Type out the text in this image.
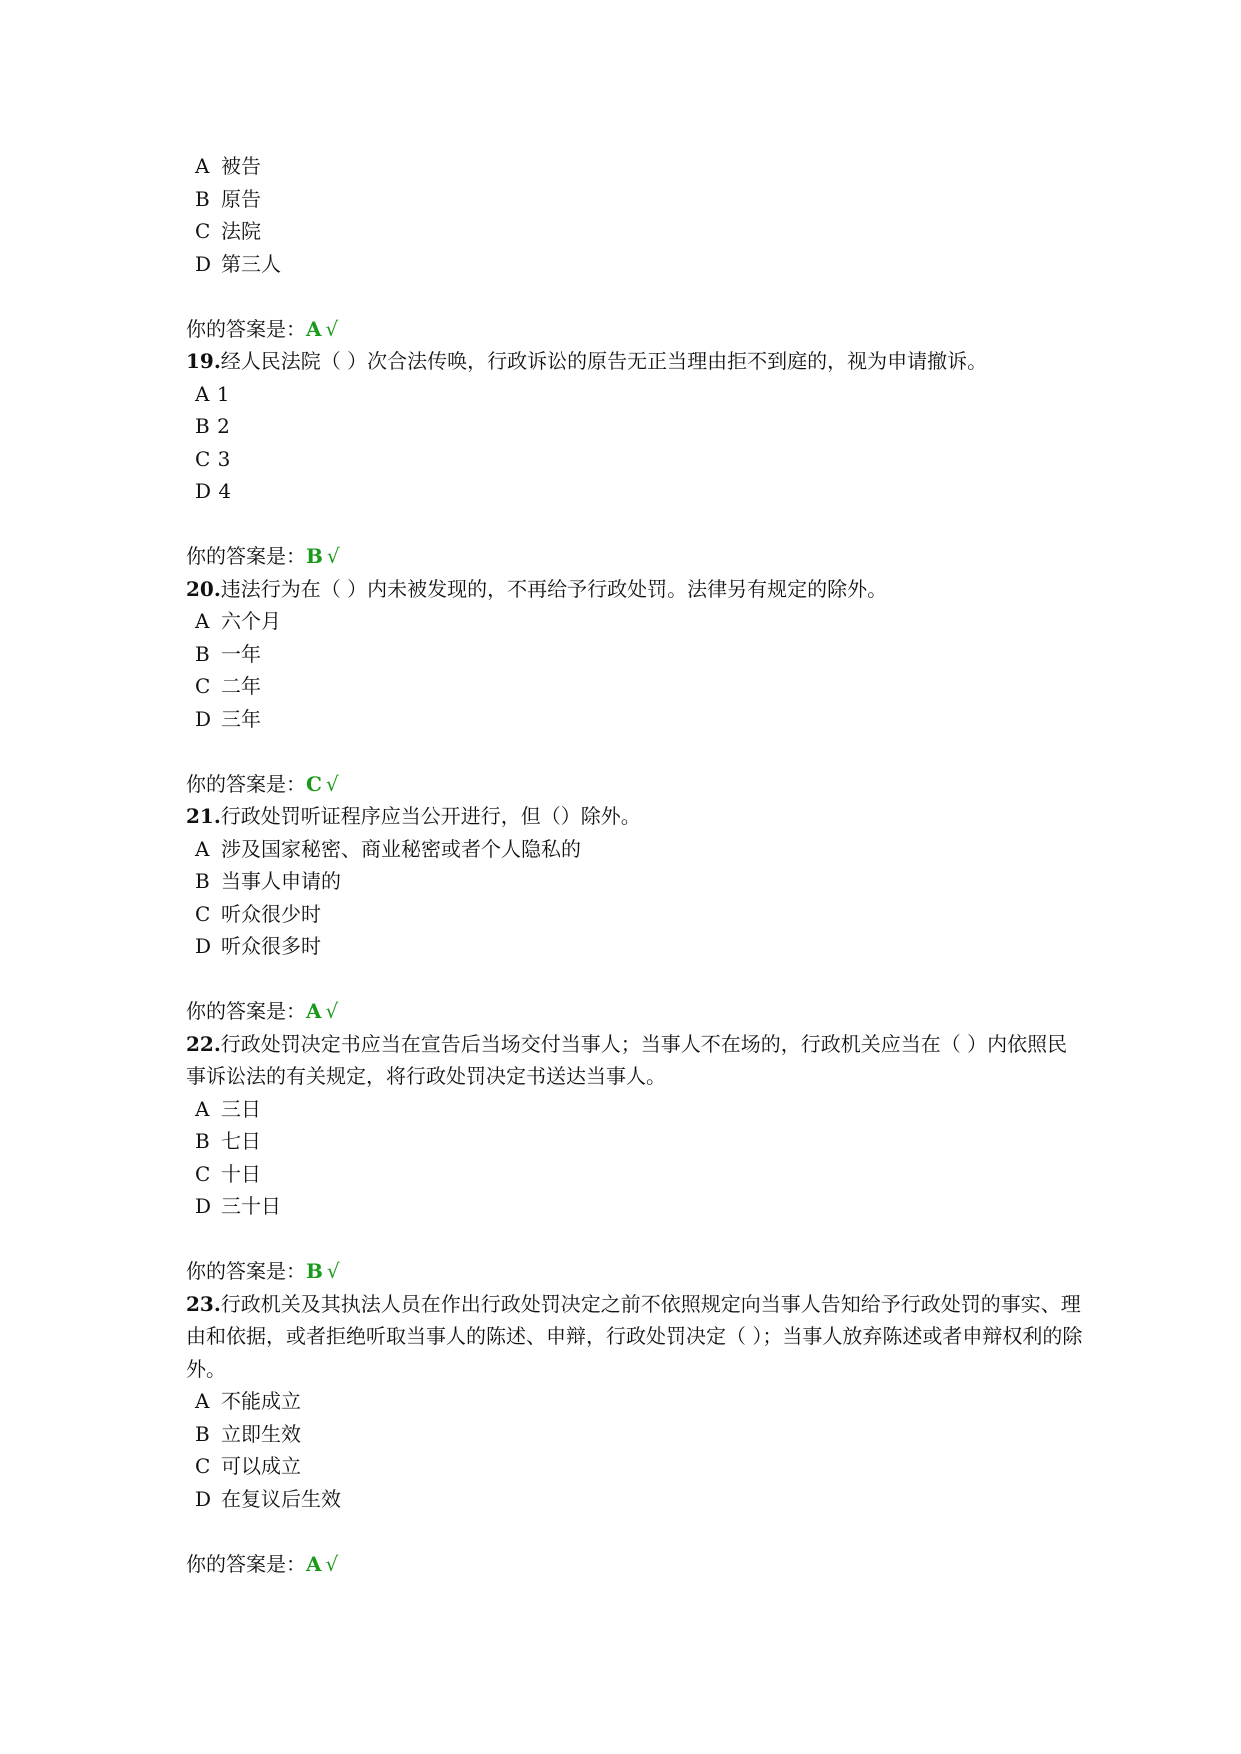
A 被告
B 原告
C 法院
D 第三人
你的答案是：A √

19.经人民法院（ ）次合法传唤，行政诉讼的原告无正当理由拒不到庭的，视为申请撤诉。

A 1
B 2
C 3
D 4
你的答案是：B √

20.违法行为在（ ）内未被发现的，不再给予行政处罚。法律另有规定的除外。

A 六个月
B 一年
C 二年
D 三年
你的答案是：C √

21.行政处罚听证程序应当公开进行，但（）除外。

A 涉及国家秘密、商业秘密或者个人隐私的
B 当事人申请的
C 听众很少时
D 听众很多时
你的答案是：A √

22.行政处罚决定书应当在宣告后当场交付当事人；当事人不在场的，行政机关应当在（ ）内依照民事诉讼法的有关规定，将行政处罚决定书送达当事人。

A 三日
B 七日
C 十日
D 三十日
你的答案是：B √

23.行政机关及其执法人员在作出行政处罚决定之前不依照规定向当事人告知给予行政处罚的事实、理由和依据，或者拒绝听取当事人的陈述、申辩，行政处罚决定（ ）；当事人放弃陈述或者申辩权利的除外。

A 不能成立
B 立即生效
C 可以成立
D 在复议后生效
你的答案是：A √
